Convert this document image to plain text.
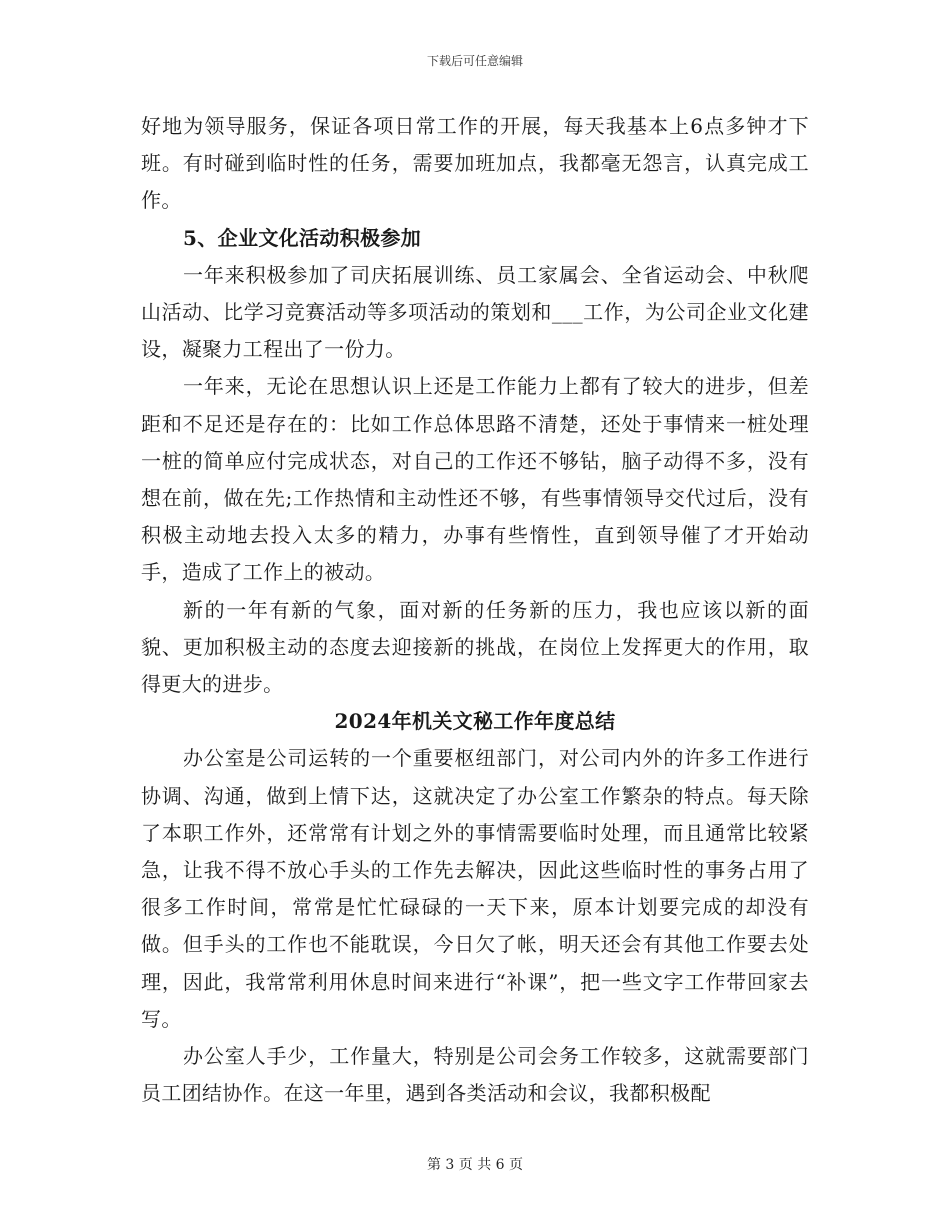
下载后可任意编辑

好地为领导服务，保证各项日常工作的开展，每天我基本上6点多钟才下班。有时碰到临时性的任务，需要加班加点，我都毫无怨言，认真完成工作。

5、企业文化活动积极参加

一年来积极参加了司庆拓展训练、员工家属会、全省运动会、中秋爬山活动、比学习竞赛活动等多项活动的策划和___工作，为公司企业文化建设，凝聚力工程出了一份力。

一年来，无论在思想认识上还是工作能力上都有了较大的进步，但差距和不足还是存在的：比如工作总体思路不清楚，还处于事情来一桩处理一桩的简单应付完成状态，对自己的工作还不够钻，脑子动得不多，没有想在前，做在先;工作热情和主动性还不够，有些事情领导交代过后，没有积极主动地去投入太多的精力，办事有些惰性，直到领导催了才开始动手，造成了工作上的被动。

新的一年有新的气象，面对新的任务新的压力，我也应该以新的面貌、更加积极主动的态度去迎接新的挑战，在岗位上发挥更大的作用，取得更大的进步。

2024年机关文秘工作年度总结

办公室是公司运转的一个重要枢纽部门，对公司内外的许多工作进行协调、沟通，做到上情下达，这就决定了办公室工作繁杂的特点。每天除了本职工作外，还常常有计划之外的事情需要临时处理，而且通常比较紧急，让我不得不放心手头的工作先去解决，因此这些临时性的事务占用了很多工作时间，常常是忙忙碌碌的一天下来，原本计划要完成的却没有做。但手头的工作也不能耽误，今日欠了帐，明天还会有其他工作要去处理，因此，我常常利用休息时间来进行“补课”，把一些文字工作带回家去写。

办公室人手少，工作量大，特别是公司会务工作较多，这就需要部门员工团结协作。在这一年里，遇到各类活动和会议，我都积极配

第 3 页 共 6 页
